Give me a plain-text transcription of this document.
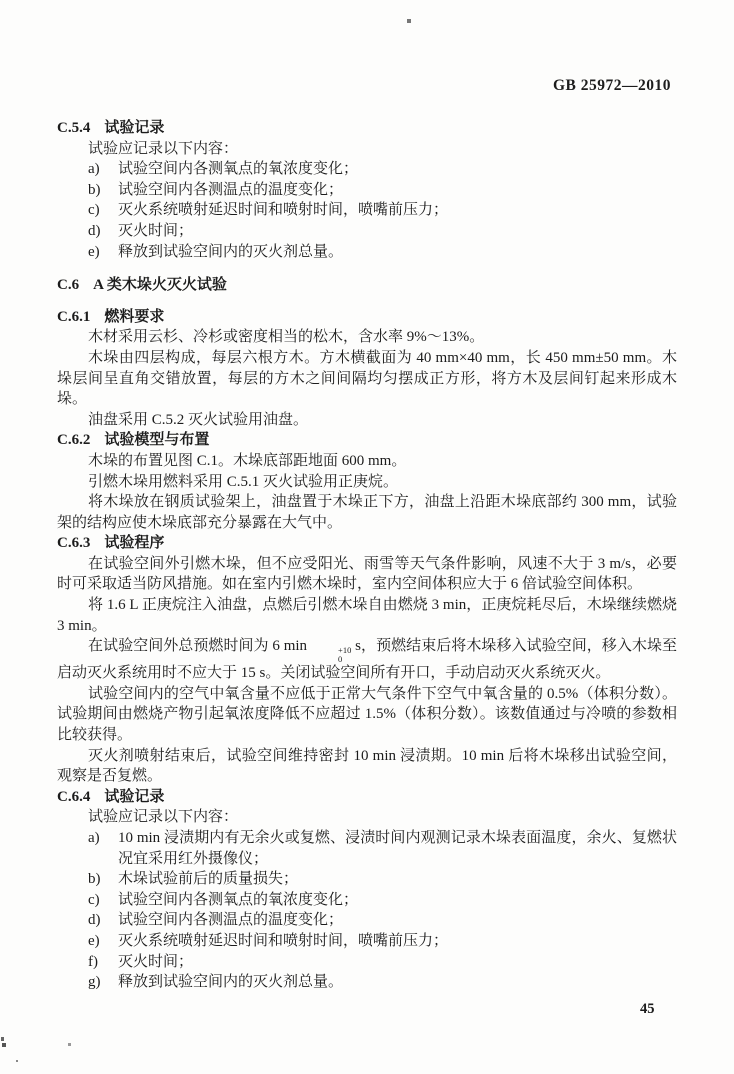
GB 25972—2010
C.5.4 试验记录
试验应记录以下内容：
a) 试验空间内各测氧点的氧浓度变化；
b) 试验空间内各测温点的温度变化；
c) 灭火系统喷射延迟时间和喷射时间，喷嘴前压力；
d) 灭火时间；
e) 释放到试验空间内的灭火剂总量。
C.6 A 类木垛火灭火试验
C.6.1 燃料要求
木材采用云杉、冷杉或密度相当的松木，含水率 9%～13%。
木垛由四层构成，每层六根方木。方木横截面为 40 mm×40 mm，长 450 mm±50 mm。木垛层间呈直角交错放置，每层的方木之间间隔均匀摆成正方形，将方木及层间钉起来形成木垛。
油盘采用 C.5.2 灭火试验用油盘。
C.6.2 试验模型与布置
木垛的布置见图 C.1。木垛底部距地面 600 mm。
引燃木垛用燃料采用 C.5.1 灭火试验用正庚烷。
将木垛放在钢质试验架上，油盘置于木垛正下方，油盘上沿距木垛底部约 300 mm，试验架的结构应使木垛底部充分暴露在大气中。
C.6.3 试验程序
在试验空间外引燃木垛，但不应受阳光、雨雪等天气条件影响，风速不大于 3 m/s，必要时可采取适当防风措施。如在室内引燃木垛时，室内空间体积应大于 6 倍试验空间体积。
将 1.6 L 正庚烷注入油盘，点燃后引燃木垛自由燃烧 3 min，正庚烷耗尽后，木垛继续燃烧 3 min。
在试验空间外总预燃时间为 6 min	+10
0
s，预燃结束后将木垛移入试验空间，移入木垛至启动灭火系统用时不应大于 15 s。关闭试验空间所有开口，手动启动灭火系统灭火。
试验空间内的空气中氧含量不应低于正常大气条件下空气中氧含量的 0.5%（体积分数）。试验期间由燃烧产物引起氧浓度降低不应超过 1.5%（体积分数）。该数值通过与冷喷的参数相比较获得。
灭火剂喷射结束后，试验空间维持密封 10 min 浸渍期。10 min 后将木垛移出试验空间，观察是否复燃。
C.6.4 试验记录
试验应记录以下内容：
a) 10 min 浸渍期内有无余火或复燃、浸渍时间内观测记录木垛表面温度，余火、复燃状况宜采用红外摄像仪；
b) 木垛试验前后的质量损失；
c) 试验空间内各测氧点的氧浓度变化；
d) 试验空间内各测温点的温度变化；
e) 灭火系统喷射延迟时间和喷射时间，喷嘴前压力；
f) 灭火时间；
g) 释放到试验空间内的灭火剂总量。
45
